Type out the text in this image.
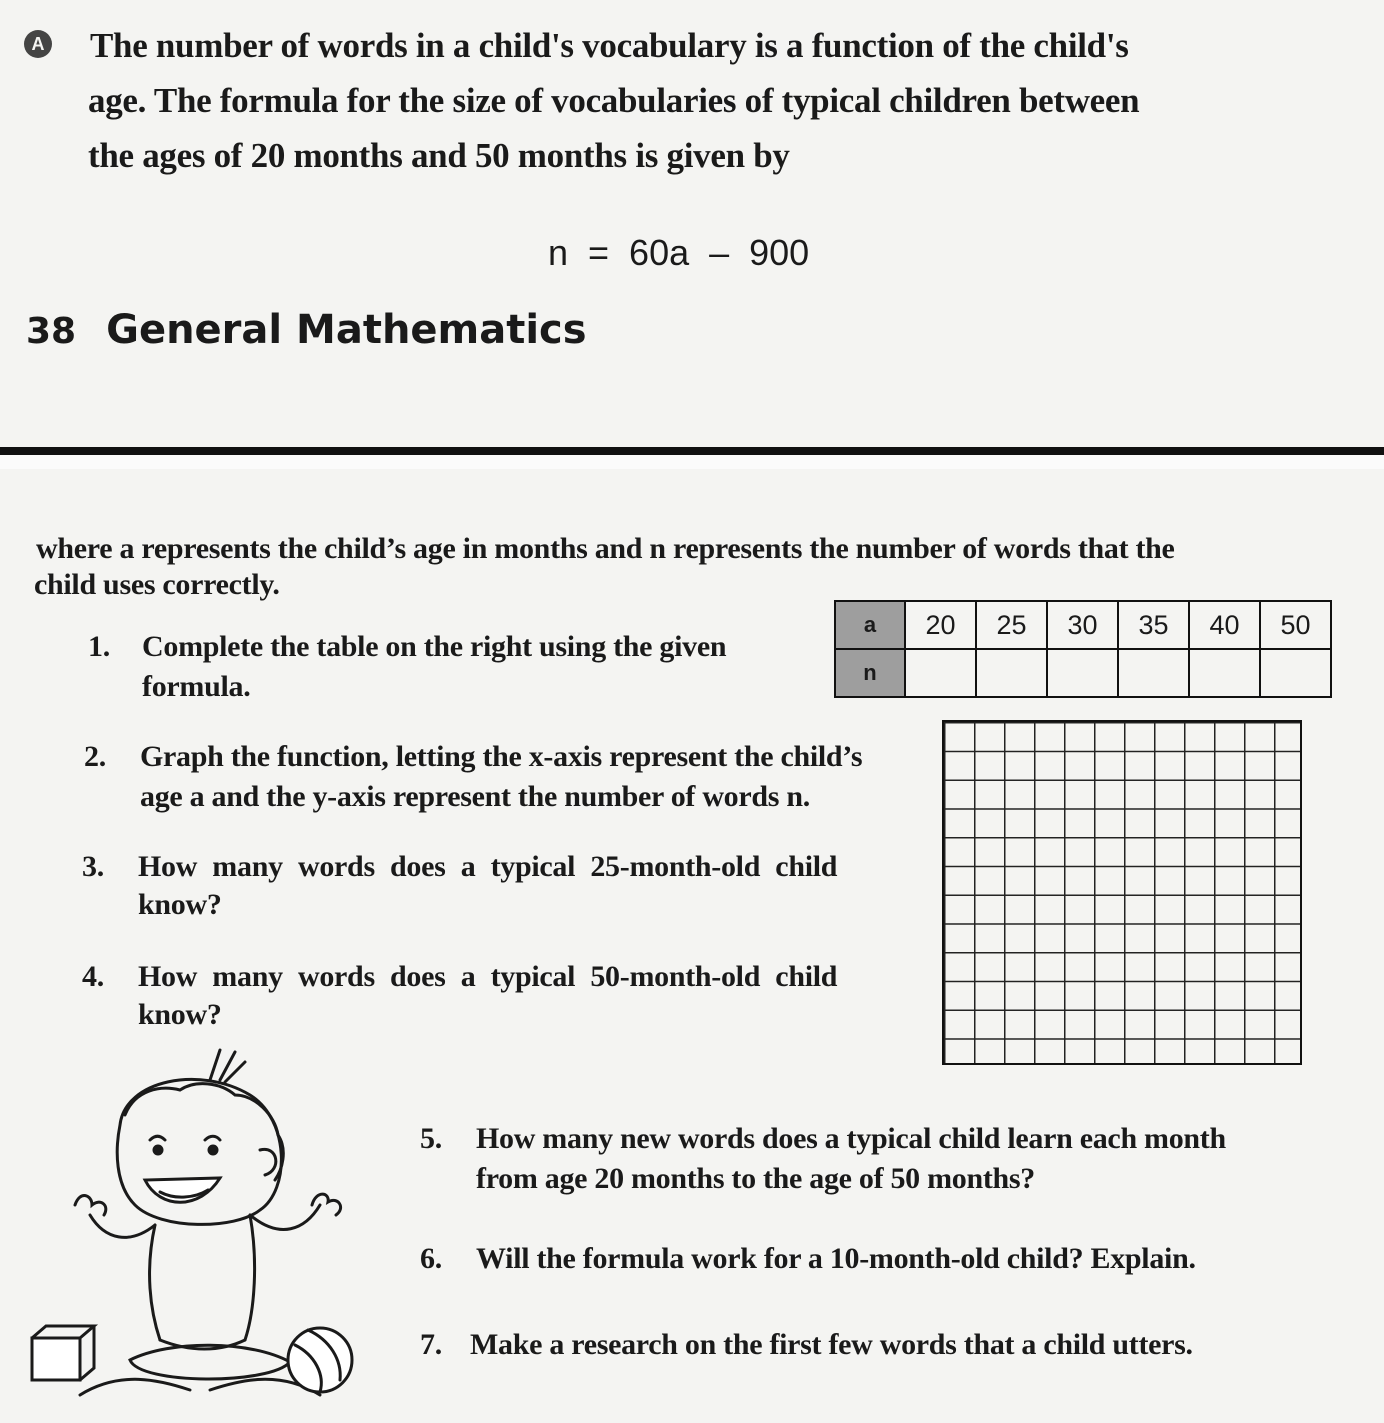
A The number of words in a child's vocabulary is a function of the child's
age. The formula for the size of vocabularies of typical children between
the ages of 20 months and 50 months is given by
n = 60a – 900
38 General Mathematics
where a represents the child’s age in months and n represents the number of words that the
child uses correctly.
1. Complete the table on the right using the given
formula.
a	20	25	30	35	40	50
n						
2. Graph the function, letting the x-axis represent the child’s
age a and the y-axis represent the number of words n.
3. How many words does a typical 25-month-old child
know?
4. How many words does a typical 50-month-old child
know?
5. How many new words does a typical child learn each month
from age 20 months to the age of 50 months?
6. Will the formula work for a 10-month-old child? Explain.
7. Make a research on the first few words that a child utters.
